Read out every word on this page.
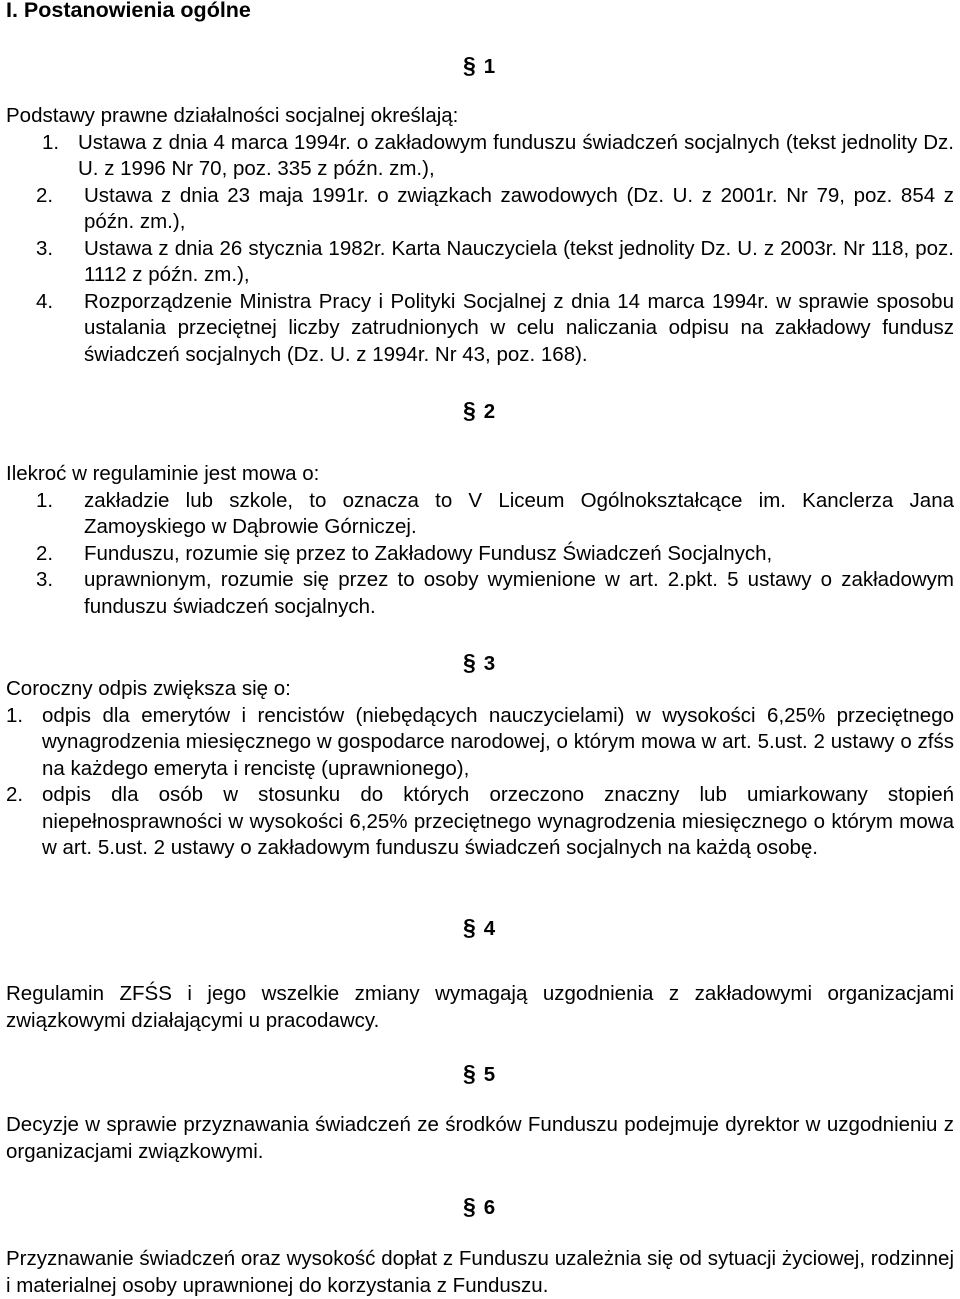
I. Postanowienia ogólne
§ 1
Podstawy prawne działalności socjalnej określają:
1. Ustawa z dnia 4 marca 1994r. o zakładowym funduszu świadczeń socjalnych (tekst jednolity Dz. U. z 1996 Nr 70, poz. 335 z późn. zm.),
2.	Ustawa z dnia 23 maja 1991r. o związkach zawodowych (Dz. U. z 2001r. Nr 79, poz. 854 z późn. zm.),
3.	Ustawa z dnia 26 stycznia 1982r. Karta Nauczyciela (tekst jednolity Dz. U. z 2003r. Nr 118, poz. 1112 z późn. zm.),
4.	Rozporządzenie Ministra Pracy i Polityki Socjalnej z dnia 14 marca 1994r. w sprawie sposobu ustalania przeciętnej liczby zatrudnionych w celu naliczania odpisu na zakładowy fundusz świadczeń socjalnych (Dz. U. z 1994r. Nr 43, poz. 168).
§ 2
Ilekroć w regulaminie jest mowa o:
1.	zakładzie lub szkole, to oznacza to V Liceum Ogólnokształcące im. Kanclerza Jana Zamoyskiego w Dąbrowie Górniczej.
2.	Funduszu, rozumie się przez to Zakładowy Fundusz Świadczeń Socjalnych,
3.	uprawnionym, rozumie się przez to osoby wymienione w art. 2.pkt. 5 ustawy o zakładowym funduszu świadczeń socjalnych.
§ 3
Coroczny odpis zwiększa się o:
1. odpis dla emerytów i rencistów (niebędących nauczycielami) w wysokości 6,25% przeciętnego wynagrodzenia miesięcznego w gospodarce narodowej, o którym mowa w art. 5.ust. 2 ustawy o zfśs na każdego emeryta i rencistę (uprawnionego),
2. odpis dla osób w stosunku do których orzeczono znaczny lub umiarkowany stopień niepełnosprawności w wysokości 6,25% przeciętnego wynagrodzenia miesięcznego o którym mowa w art. 5.ust. 2 ustawy o zakładowym funduszu świadczeń socjalnych na każdą osobę.
§ 4
Regulamin ZFŚS i jego wszelkie zmiany wymagają uzgodnienia z zakładowymi organizacjami związkowymi działającymi u pracodawcy.
§ 5
Decyzje w sprawie przyznawania świadczeń ze środków Funduszu podejmuje dyrektor w uzgodnieniu z organizacjami związkowymi.
§ 6
Przyznawanie świadczeń oraz wysokość dopłat z Funduszu uzależnia się od sytuacji życiowej, rodzinnej i materialnej osoby uprawnionej do korzystania z Funduszu.
